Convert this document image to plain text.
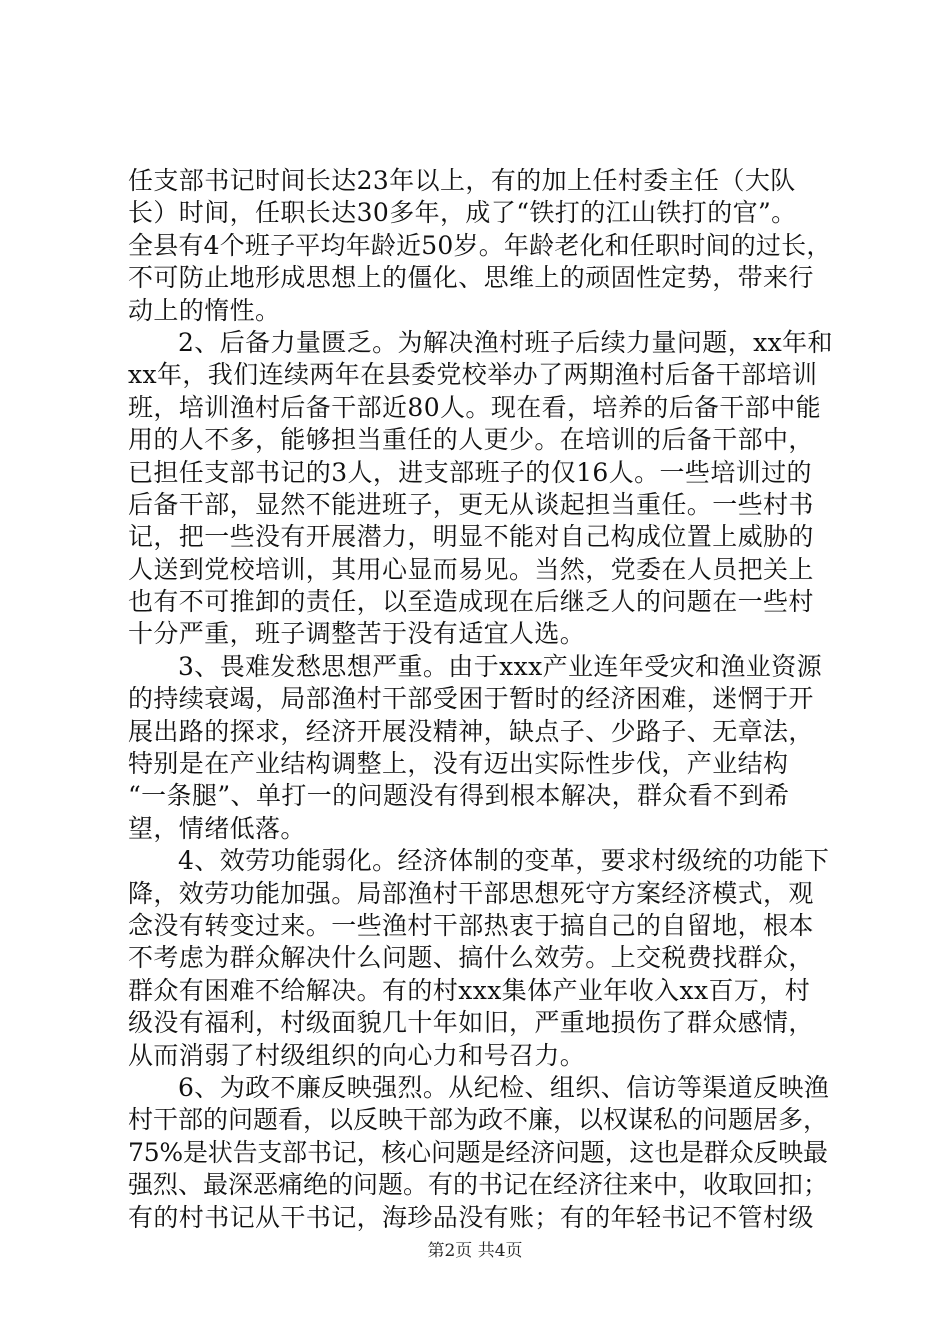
任支部书记时间长达23年以上，有的加上任村委主任（大队
长）时间，任职长达30多年，成了“铁打的江山铁打的官”。
全县有4个班子平均年龄近50岁。年龄老化和任职时间的过长，
不可防止地形成思想上的僵化、思维上的顽固性定势，带来行
动上的惰性。
2、后备力量匮乏。为解决渔村班子后续力量问题，xx年和
xx年，我们连续两年在县委党校举办了两期渔村后备干部培训
班，培训渔村后备干部近80人。现在看，培养的后备干部中能
用的人不多，能够担当重任的人更少。在培训的后备干部中，
已担任支部书记的3人，进支部班子的仅16人。一些培训过的
后备干部，显然不能进班子，更无从谈起担当重任。一些村书
记，把一些没有开展潜力，明显不能对自己构成位置上威胁的
人送到党校培训，其用心显而易见。当然，党委在人员把关上
也有不可推卸的责任，以至造成现在后继乏人的问题在一些村
十分严重，班子调整苦于没有适宜人选。
3、畏难发愁思想严重。由于xxx产业连年受灾和渔业资源
的持续衰竭，局部渔村干部受困于暂时的经济困难，迷惘于开
展出路的探求，经济开展没精神，缺点子、少路子、无章法，
特别是在产业结构调整上，没有迈出实际性步伐，产业结构
“一条腿”、单打一的问题没有得到根本解决，群众看不到希
望，情绪低落。
4、效劳功能弱化。经济体制的变革，要求村级统的功能下
降，效劳功能加强。局部渔村干部思想死守方案经济模式，观
念没有转变过来。一些渔村干部热衷于搞自己的自留地，根本
不考虑为群众解决什么问题、搞什么效劳。上交税费找群众，
群众有困难不给解决。有的村xxx集体产业年收入xx百万，村
级没有福利，村级面貌几十年如旧，严重地损伤了群众感情，
从而消弱了村级组织的向心力和号召力。
6、为政不廉反映强烈。从纪检、组织、信访等渠道反映渔
村干部的问题看，以反映干部为政不廉，以权谋私的问题居多，
75%是状告支部书记，核心问题是经济问题，这也是群众反映最
强烈、最深恶痛绝的问题。有的书记在经济往来中，收取回扣；
有的村书记从干书记，海珍品没有账；有的年轻书记不管村级
第2页 共4页
